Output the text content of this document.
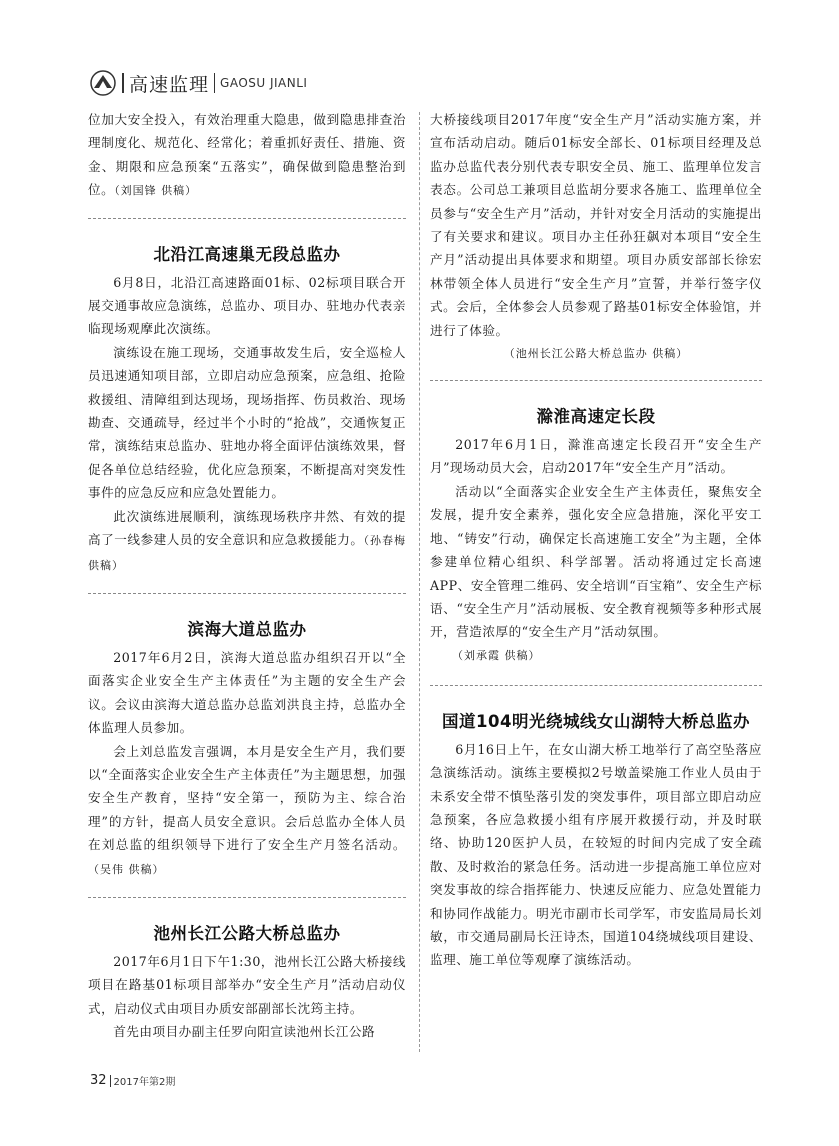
高速监理 GAOSU JIANLI

位加大安全投入，有效治理重大隐患，做到隐患排查治理制度化、规范化、经常化；着重抓好责任、措施、资金、期限和应急预案“五落实”，确保做到隐患整治到位。（刘国锋 供稿）

北沿江高速巢无段总监办

6月8日，北沿江高速路面01标、02标项目联合开展交通事故应急演练，总监办、项目办、驻地办代表亲临现场观摩此次演练。

演练设在施工现场，交通事故发生后，安全巡检人员迅速通知项目部，立即启动应急预案，应急组、抢险救援组、清障组到达现场，现场指挥、伤员救治、现场勘查、交通疏导，经过半个小时的“抢战”，交通恢复正常，演练结束总监办、驻地办将全面评估演练效果，督促各单位总结经验，优化应急预案，不断提高对突发性事件的应急反应和应急处置能力。

此次演练进展顺利，演练现场秩序井然、有效的提高了一线参建人员的安全意识和应急救援能力。（孙春梅 供稿）

滨海大道总监办

2017年6月2日，滨海大道总监办组织召开以“全面落实企业安全生产主体责任”为主题的安全生产会议。会议由滨海大道总监办总监刘洪良主持，总监办全体监理人员参加。

会上刘总监发言强调，本月是安全生产月，我们要以“全面落实企业安全生产主体责任”为主题思想，加强安全生产教育，坚持“安全第一，预防为主、综合治理”的方针，提高人员安全意识。会后总监办全体人员在刘总监的组织领导下进行了安全生产月签名活动。（吴伟 供稿）

池州长江公路大桥总监办

2017年6月1日下午1:30，池州长江公路大桥接线项目在路基01标项目部举办“安全生产月”活动启动仪式，启动仪式由项目办质安部副部长沈筠主持。

首先由项目办副主任罗向阳宣读池州长江公路

大桥接线项目2017年度“安全生产月”活动实施方案，并宣布活动启动。随后01标安全部长、01标项目经理及总监办总监代表分别代表专职安全员、施工、监理单位发言表态。公司总工兼项目总监胡分要求各施工、监理单位全员参与“安全生产月”活动，并针对安全月活动的实施提出了有关要求和建议。项目办主任孙狂飙对本项目“安全生产月”活动提出具体要求和期望。项目办质安部部长徐宏林带领全体人员进行“安全生产月”宣誓，并举行签字仪式。会后，全体参会人员参观了路基01标安全体验馆，并进行了体验。

（池州长江公路大桥总监办 供稿）

滁淮高速定长段

2017年6月1日，滁淮高速定长段召开“安全生产月”现场动员大会，启动2017年“安全生产月”活动。

活动以“全面落实企业安全生产主体责任，聚焦安全发展，提升安全素养，强化安全应急措施，深化平安工地、“铸安”行动，确保定长高速施工安全”为主题，全体参建单位精心组织、科学部署。活动将通过定长高速APP、安全管理二维码、安全培训“百宝箱”、安全生产标语、“安全生产月”活动展板、安全教育视频等多种形式展开，营造浓厚的“安全生产月”活动氛围。

（刘承霞 供稿）

国道104明光绕城线女山湖特大桥总监办

6月16日上午，在女山湖大桥工地举行了高空坠落应急演练活动。演练主要模拟2号墩盖梁施工作业人员由于未系安全带不慎坠落引发的突发事件，项目部立即启动应急预案，各应急救援小组有序展开救援行动，并及时联络、协助120医护人员，在较短的时间内完成了安全疏散、及时救治的紧急任务。活动进一步提高施工单位应对突发事故的综合指挥能力、快速反应能力、应急处置能力和协同作战能力。明光市副市长司学军，市安监局局长刘敏，市交通局副局长汪诗杰，国道104绕城线项目建设、监理、施工单位等观摩了演练活动。

32 2017年第2期
